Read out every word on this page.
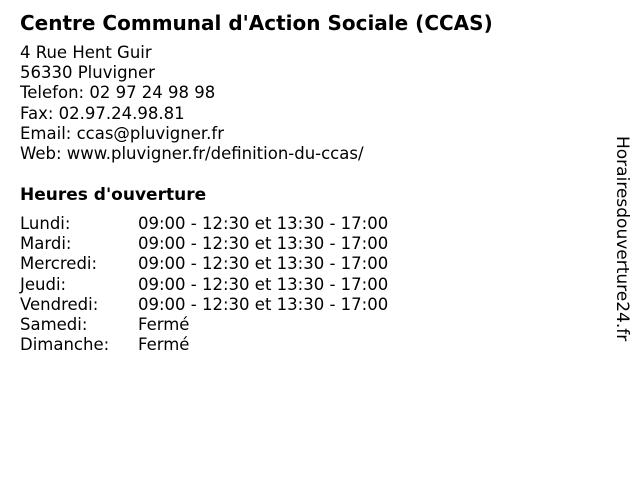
Centre Communal d'Action Sociale (CCAS)
4 Rue Hent Guir
56330 Pluvigner
Telefon: 02 97 24 98 98
Fax: 02.97.24.98.81
Email: ccas@pluvigner.fr
Web: www.pluvigner.fr/definition-du-ccas/
Heures d'ouverture
Lundi:	09:00 - 12:30 et 13:30 - 17:00
Mardi:	09:00 - 12:30 et 13:30 - 17:00
Mercredi: 09:00 - 12:30 et 13:30 - 17:00
Jeudi:	09:00 - 12:30 et 13:30 - 17:00
Vendredi: 09:00 - 12:30 et 13:30 - 17:00
Samedi:	Fermé
Dimanche: Fermé
Horairesdouverture24.fr
